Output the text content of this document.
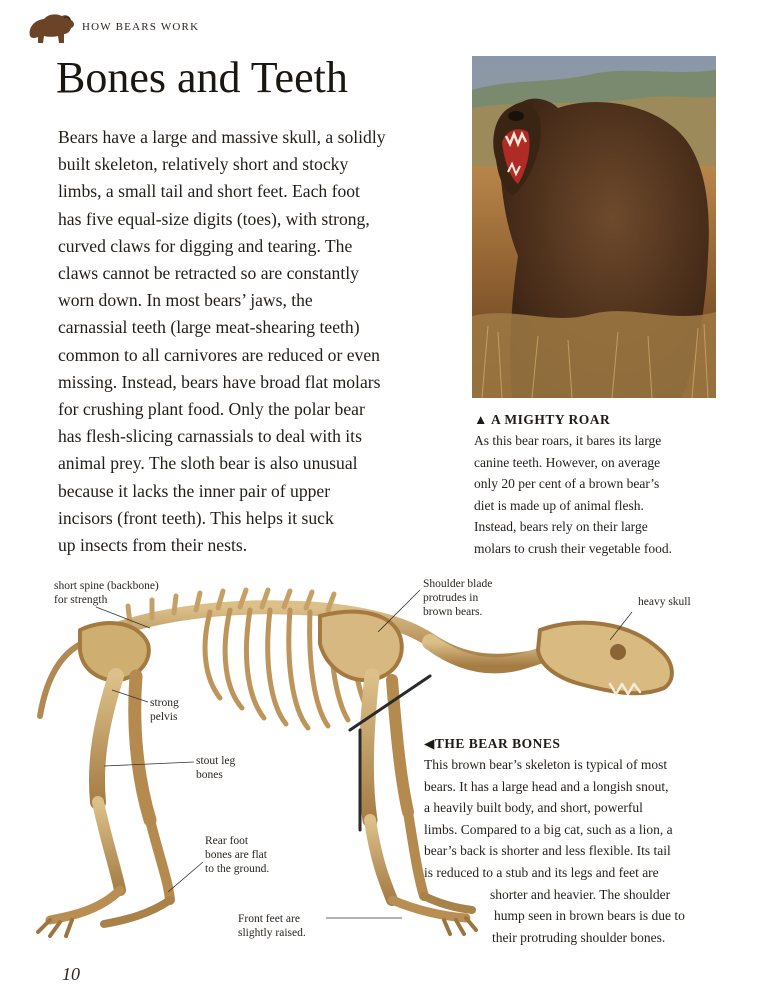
HOW BEARS WORK
Bones and Teeth
Bears have a large and massive skull, a solidly
built skeleton, relatively short and stocky
limbs, a small tail and short feet. Each foot
has five equal-size digits (toes), with strong,
curved claws for digging and tearing. The
claws cannot be retracted so are constantly
worn down. In most bears’ jaws, the
carnassial teeth (large meat-shearing teeth)
common to all carnivores are reduced or even
missing. Instead, bears have broad flat molars
for crushing plant food. Only the polar bear
has flesh-slicing carnassials to deal with its
animal prey. The sloth bear is also unusual
because it lacks the inner pair of upper
incisors (front teeth). This helps it suck
up insects from their nests.
▲ A MIGHTY ROAR
As this bear roars, it bares its large
canine teeth. However, on average
only 20 per cent of a brown bear’s
diet is made up of animal flesh.
Instead, bears rely on their large
molars to crush their vegetable food.
short spine (backbone)
for strength
Shoulder blade
protrudes in
brown bears.
heavy skull
strong
pelvis
stout leg
bones
Rear foot
bones are flat
to the ground.
Front feet are
slightly raised.
◀THE BEAR BONES
This brown bear’s skeleton is typical of most
bears. It has a large head and a longish snout,
a heavily built body, and short, powerful
limbs. Compared to a big cat, such as a lion, a
bear’s back is shorter and less flexible. Its tail
is reduced to a stub and its legs and feet are
shorter and heavier. The shoulder
hump seen in brown bears is due to
their protruding shoulder bones.
10
